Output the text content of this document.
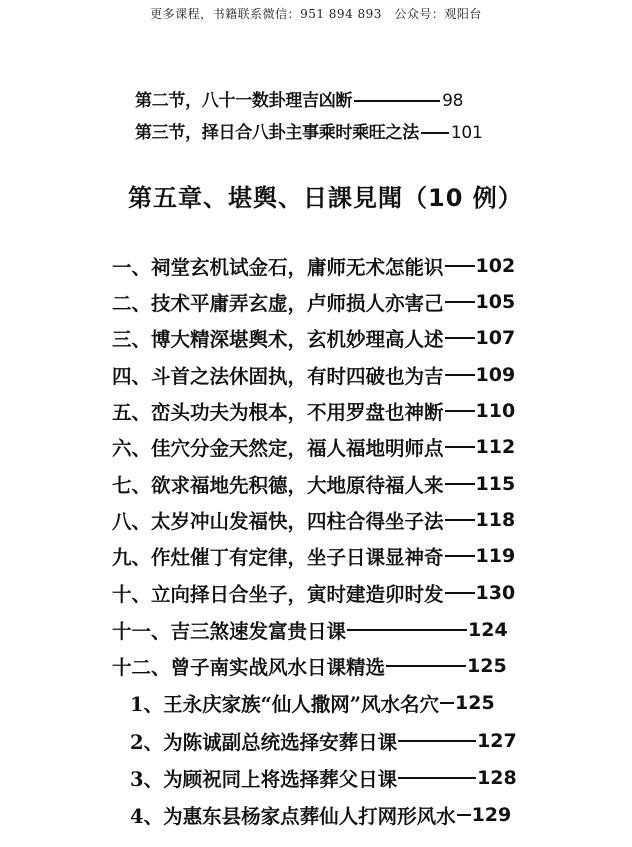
更多课程，书籍联系微信：951 894 893　公众号：观阳台
第二节，八十一数卦理吉凶断	98
第三节，择日合八卦主事乘时乘旺之法 101
第五章、堪舆、日課見聞（10 例）
一、祠堂玄机试金石，庸师无术怎能识 102
二、技术平庸弄玄虚，卢师损人亦害己 105
三、博大精深堪舆术，玄机妙理高人述 107
四、斗首之法休固执，有时四破也为吉 109
五、峦头功夫为根本，不用罗盘也神断 110
六、佳穴分金天然定，福人福地明师点 112
七、欲求福地先积德，大地原待福人来 115
八、太岁冲山发福快，四柱合得坐子法 118
九、作灶催丁有定律，坐子日课显神奇 119
十、立向择日合坐子，寅时建造卯时发 130
十一、吉三煞速发富贵日课	124
十二、曾子南实战风水日课精选	125
1、王永庆家族“仙人撒网”风水名穴 125
2、为陈诚副总统选择安葬日课	127
3、为顾祝同上将选择葬父日课	128
4、为惠东县杨家点葬仙人打网形风水 129
